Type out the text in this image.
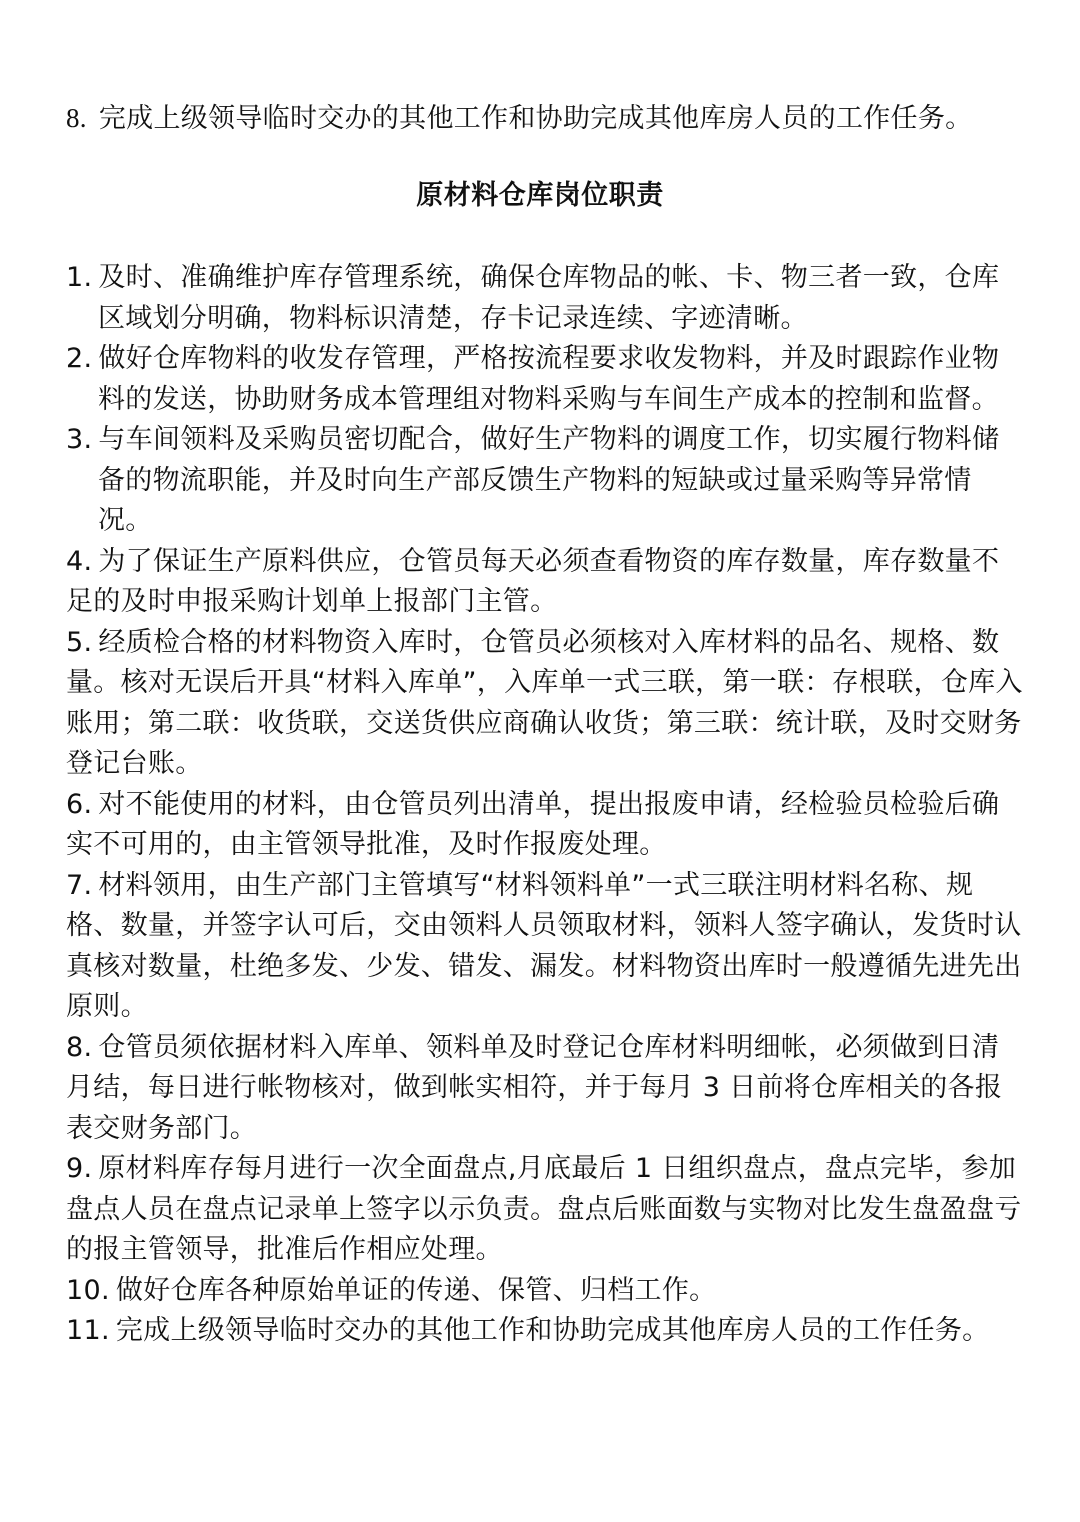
8. 完成上级领导临时交办的其他工作和协助完成其他库房人员的工作任务。
原材料仓库岗位职责
1. 及时、准确维护库存管理系统，确保仓库物品的帐、卡、物三者一致，仓库区域划分明确，物料标识清楚，存卡记录连续、字迹清晰。
2. 做好仓库物料的收发存管理，严格按流程要求收发物料，并及时跟踪作业物料的发送，协助财务成本管理组对物料采购与车间生产成本的控制和监督。
3. 与车间领料及采购员密切配合，做好生产物料的调度工作，切实履行物料储备的物流职能，并及时向生产部反馈生产物料的短缺或过量采购等异常情况。
4. 为了保证生产原料供应，仓管员每天必须查看物资的库存数量，库存数量不足的及时申报采购计划单上报部门主管。
5. 经质检合格的材料物资入库时，仓管员必须核对入库材料的品名、规格、数量。核对无误后开具“材料入库单”，入库单一式三联，第一联：存根联，仓库入账用；第二联：收货联，交送货供应商确认收货；第三联：统计联，及时交财务登记台账。
6. 对不能使用的材料，由仓管员列出清单，提出报废申请，经检验员检验后确实不可用的，由主管领导批准，及时作报废处理。
7. 材料领用，由生产部门主管填写“材料领料单”一式三联注明材料名称、规格、数量，并签字认可后，交由领料人员领取材料，领料人签字确认，发货时认真核对数量，杜绝多发、少发、错发、漏发。材料物资出库时一般遵循先进先出原则。
8. 仓管员须依据材料入库单、领料单及时登记仓库材料明细帐，必须做到日清月结，每日进行帐物核对，做到帐实相符，并于每月 3 日前将仓库相关的各报表交财务部门。
9. 原材料库存每月进行一次全面盘点,月底最后 1 日组织盘点，盘点完毕，参加盘点人员在盘点记录单上签字以示负责。盘点后账面数与实物对比发生盘盈盘亏的报主管领导，批准后作相应处理。
10. 做好仓库各种原始单证的传递、保管、归档工作。
11. 完成上级领导临时交办的其他工作和协助完成其他库房人员的工作任务。
